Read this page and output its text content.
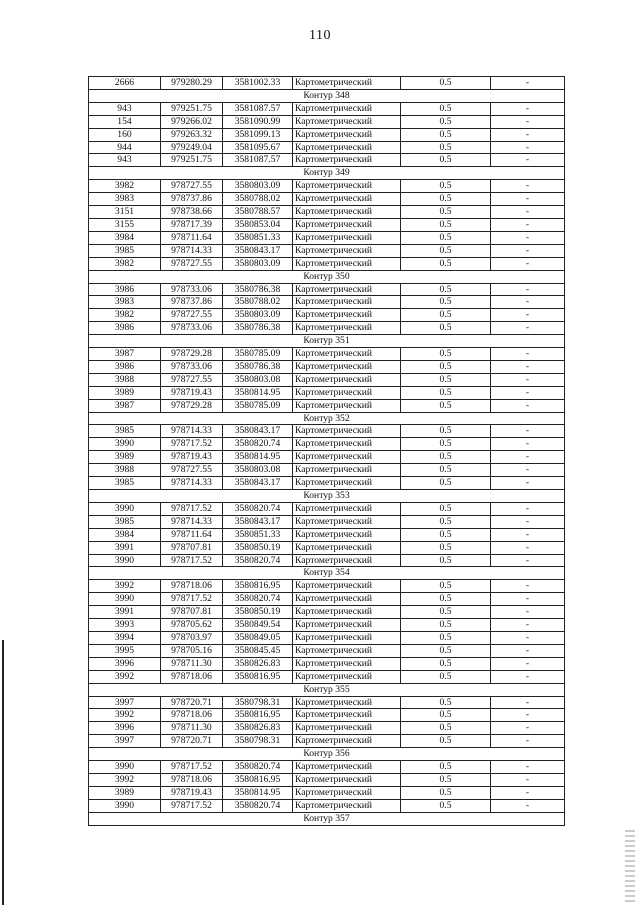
110
2666	979280.29	3581002.33	Картометрический	0.5	-
Контур 348					
943	979251.75	3581087.57	Картометрический	0.5	-
154	979266.02	3581090.99	Картометрический	0.5	-
160	979263.32	3581099.13	Картометрический	0.5	-
944	979249.04	3581095.67	Картометрический	0.5	-
943	979251.75	3581087.57	Картометрический	0.5	-
Контур 349					
3982	978727.55	3580803.09	Картометрический	0.5	-
3983	978737.86	3580788.02	Картометрический	0.5	-
3151	978738.66	3580788.57	Картометрический	0.5	-
3155	978717.39	3580853.04	Картометрический	0.5	-
3984	978711.64	3580851.33	Картометрический	0.5	-
3985	978714.33	3580843.17	Картометрический	0.5	-
3982	978727.55	3580803.09	Картометрический	0.5	-
Контур 350					
3986	978733.06	3580786.38	Картометрический	0.5	-
3983	978737.86	3580788.02	Картометрический	0.5	-
3982	978727.55	3580803.09	Картометрический	0.5	-
3986	978733.06	3580786.38	Картометрический	0.5	-
Контур 351					
3987	978729.28	3580785.09	Картометрический	0.5	-
3986	978733.06	3580786.38	Картометрический	0.5	-
3988	978727.55	3580803.08	Картометрический	0.5	-
3989	978719.43	3580814.95	Картометрический	0.5	-
3987	978729.28	3580785.09	Картометрический	0.5	-
Контур 352					
3985	978714.33	3580843.17	Картометрический	0.5	-
3990	978717.52	3580820.74	Картометрический	0.5	-
3989	978719.43	3580814.95	Картометрический	0.5	-
3988	978727.55	3580803.08	Картометрический	0.5	-
3985	978714.33	3580843.17	Картометрический	0.5	-
Контур 353					
3990	978717.52	3580820.74	Картометрический	0.5	-
3985	978714.33	3580843.17	Картометрический	0.5	-
3984	978711.64	3580851.33	Картометрический	0.5	-
3991	978707.81	3580850.19	Картометрический	0.5	-
3990	978717.52	3580820.74	Картометрический	0.5	-
Контур 354					
3992	978718.06	3580816.95	Картометрический	0.5	-
3990	978717.52	3580820.74	Картометрический	0.5	-
3991	978707.81	3580850.19	Картометрический	0.5	-
3993	978705.62	3580849.54	Картометрический	0.5	-
3994	978703.97	3580849.05	Картометрический	0.5	-
3995	978705.16	3580845.45	Картометрический	0.5	-
3996	978711.30	3580826.83	Картометрический	0.5	-
3992	978718.06	3580816.95	Картометрический	0.5	-
Контур 355					
3997	978720.71	3580798.31	Картометрический	0.5	-
3992	978718.06	3580816.95	Картометрический	0.5	-
3996	978711.30	3580826.83	Картометрический	0.5	-
3997	978720.71	3580798.31	Картометрический	0.5	-
Контур 356					
3990	978717.52	3580820.74	Картометрический	0.5	-
3992	978718.06	3580816.95	Картометрический	0.5	-
3989	978719.43	3580814.95	Картометрический	0.5	-
3990	978717.52	3580820.74	Картометрический	0.5	-
Контур 357					
